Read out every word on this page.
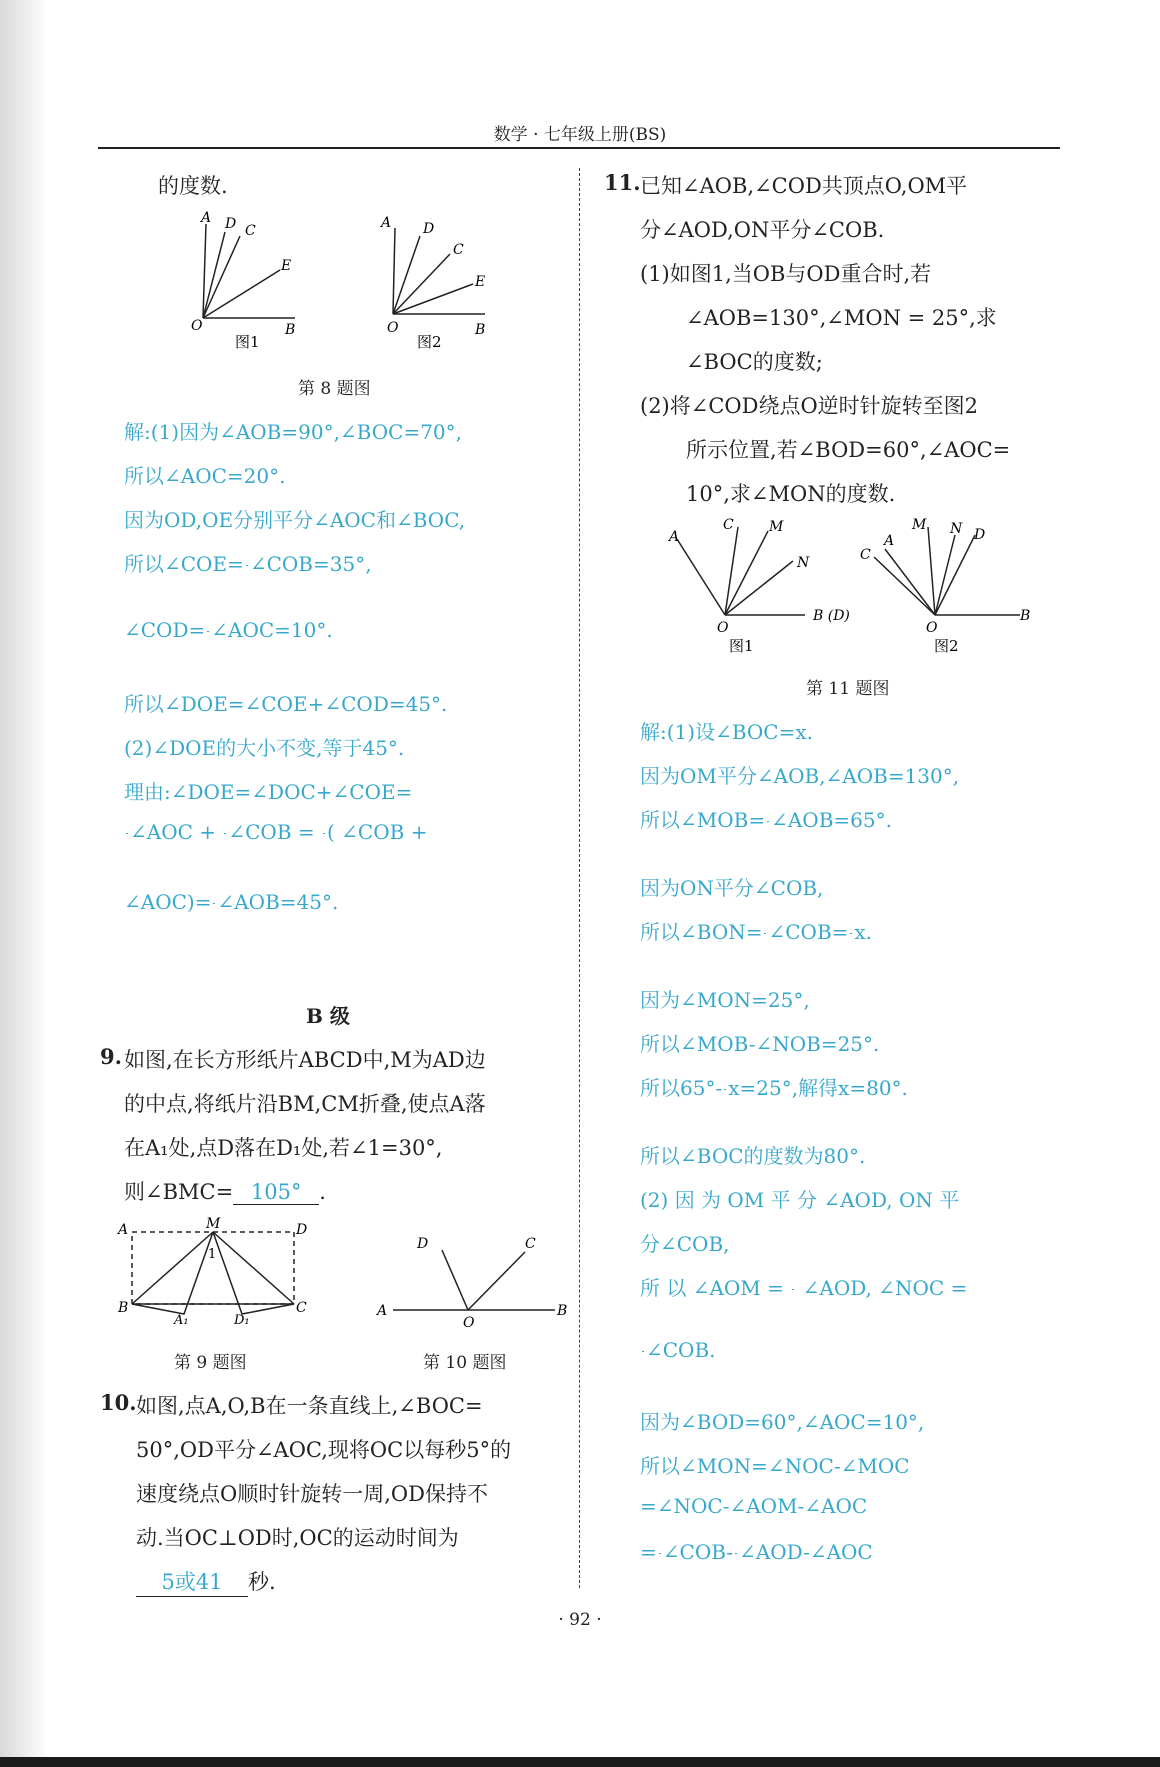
数学 · 七年级上册(BS)
的度数.
A D C
E
O	B
图1
A D
C
E
O	B
图2
第 8 题图
解:(1)因为∠AOB=90°,∠BOC=70°,
所以∠AOC=20°.
因为OD,OE分别平分∠AOC和∠BOC,
所以∠COE= ∠COB=35°,
∠COD= ∠AOC=10°.
所以∠DOE=∠COE+∠COD=45°.
(2)∠DOE的大小不变,等于45°.
理由:∠DOE=∠DOC+∠COE=
∠AOC +
∠COB =
( ∠COB +
∠AOC)= ∠AOB=45°.
B 级
9. 如图,在长方形纸片ABCD中,M为AD边
的中点,将纸片沿BM,CM折叠,使点A落
在A₁处,点D落在D₁处,若∠1=30°,
则∠BMC= 105° .
A	M	D
B	C
1
A₁	D₁
A
O
B
D	C
第 9 题图	第 10 题图
10. 如图,点A,O,B在一条直线上,∠BOC=
50°,OD平分∠AOC,现将OC以每秒5°的
速度绕点O顺时针旋转一周,OD保持不
动.当OC⊥OD时,OC的运动时间为
5或41 秒.
11. 已知∠AOB,∠COD共顶点O,OM平
分∠AOD,ON平分∠COB.
(1)如图1,当OB与OD重合时,若
∠AOB=130°,∠MON = 25°,求
∠BOC的度数;
(2)将∠COD绕点O逆时针旋转至图2
所示位置,若∠BOD=60°,∠AOC=
10°,求∠MON的度数.
A
C	M
N
O
B (D)
图1
A
C
M N D
O
B
图2
第 11 题图
解:(1)设∠BOC=x.
因为OM平分∠AOB,∠AOB=130°,
所以∠MOB= ∠AOB=65°.
因为ON平分∠COB,
所以∠BON= ∠COB= x.
因为∠MON=25°,
所以∠MOB-∠NOB=25°.
所以65°- x=25°,解得x=80°.
所以∠BOC的度数为80°.
(2) 因 为 OM 平 分 ∠AOD, ON 平
分∠COB,
所 以 ∠AOM =
∠AOD, ∠NOC =
∠COB.
因为∠BOD=60°,∠AOC=10°,
所以∠MON=∠NOC-∠MOC
=∠NOC-∠AOM-∠AOC
= ∠COB- ∠AOD-∠AOC
· 92 ·
